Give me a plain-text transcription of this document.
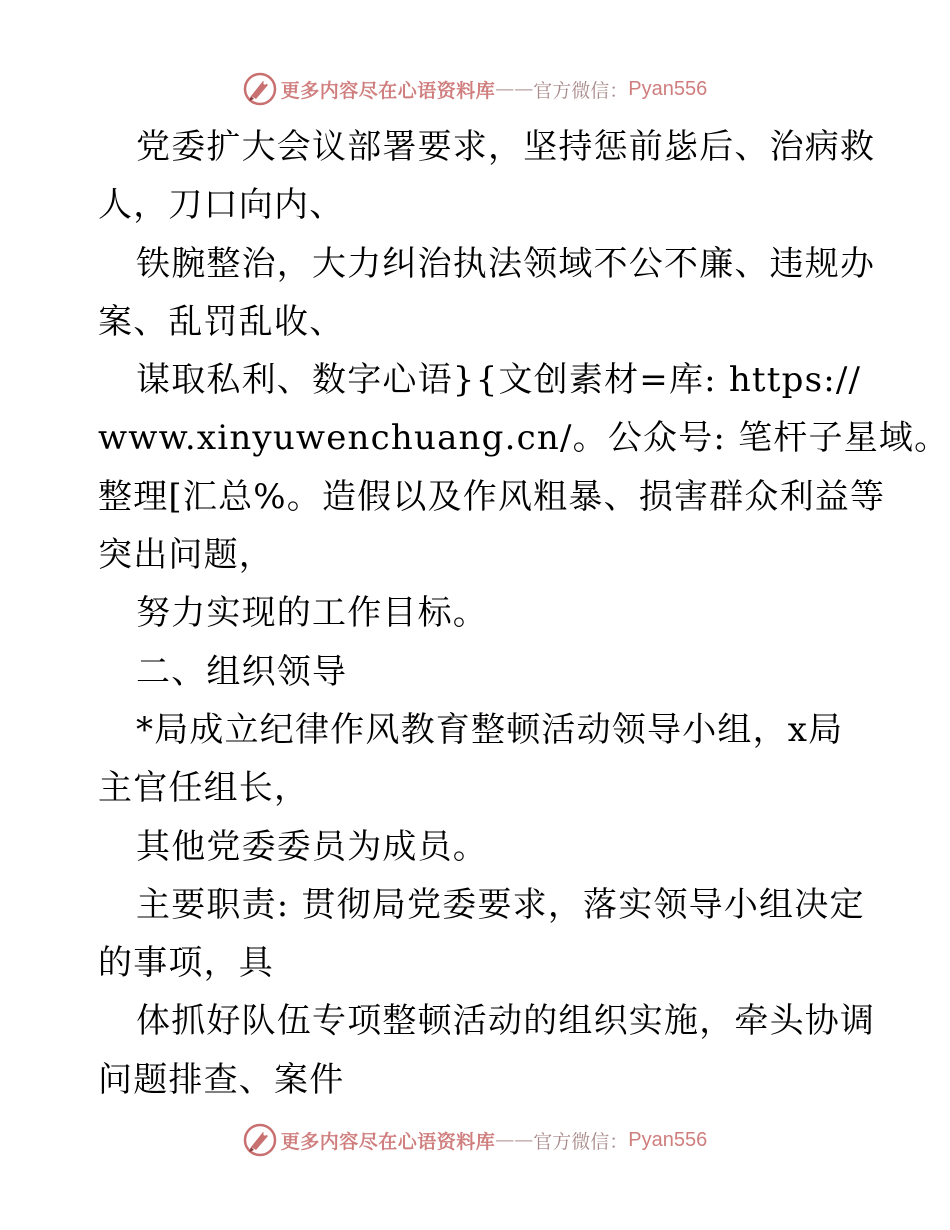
更多内容尽在心语资料库 —— 官方微信： Pyan556
党委扩大会议部署要求，坚持惩前毖后、治病救
人，刀口向内、
铁腕整治，大力纠治执法领域不公不廉、违规办
案、乱罚乱收、
谋取私利、数字心语}{文创素材=库: https://
www.xinyuwenchuang.cn/。公众号: 笔杆子星域。
整理[汇总%。造假以及作风粗暴、损害群众利益等
突出问题，
努力实现的工作目标。
二、组织领导
*局成立纪律作风教育整顿活动领导小组，x局
主官任组长，
其他党委委员为成员。
主要职责: 贯彻局党委要求，落实领导小组决定
的事项，具
体抓好队伍专项整顿活动的组织实施，牵头协调
问题排查、案件
更多内容尽在心语资料库 —— 官方微信： Pyan556
